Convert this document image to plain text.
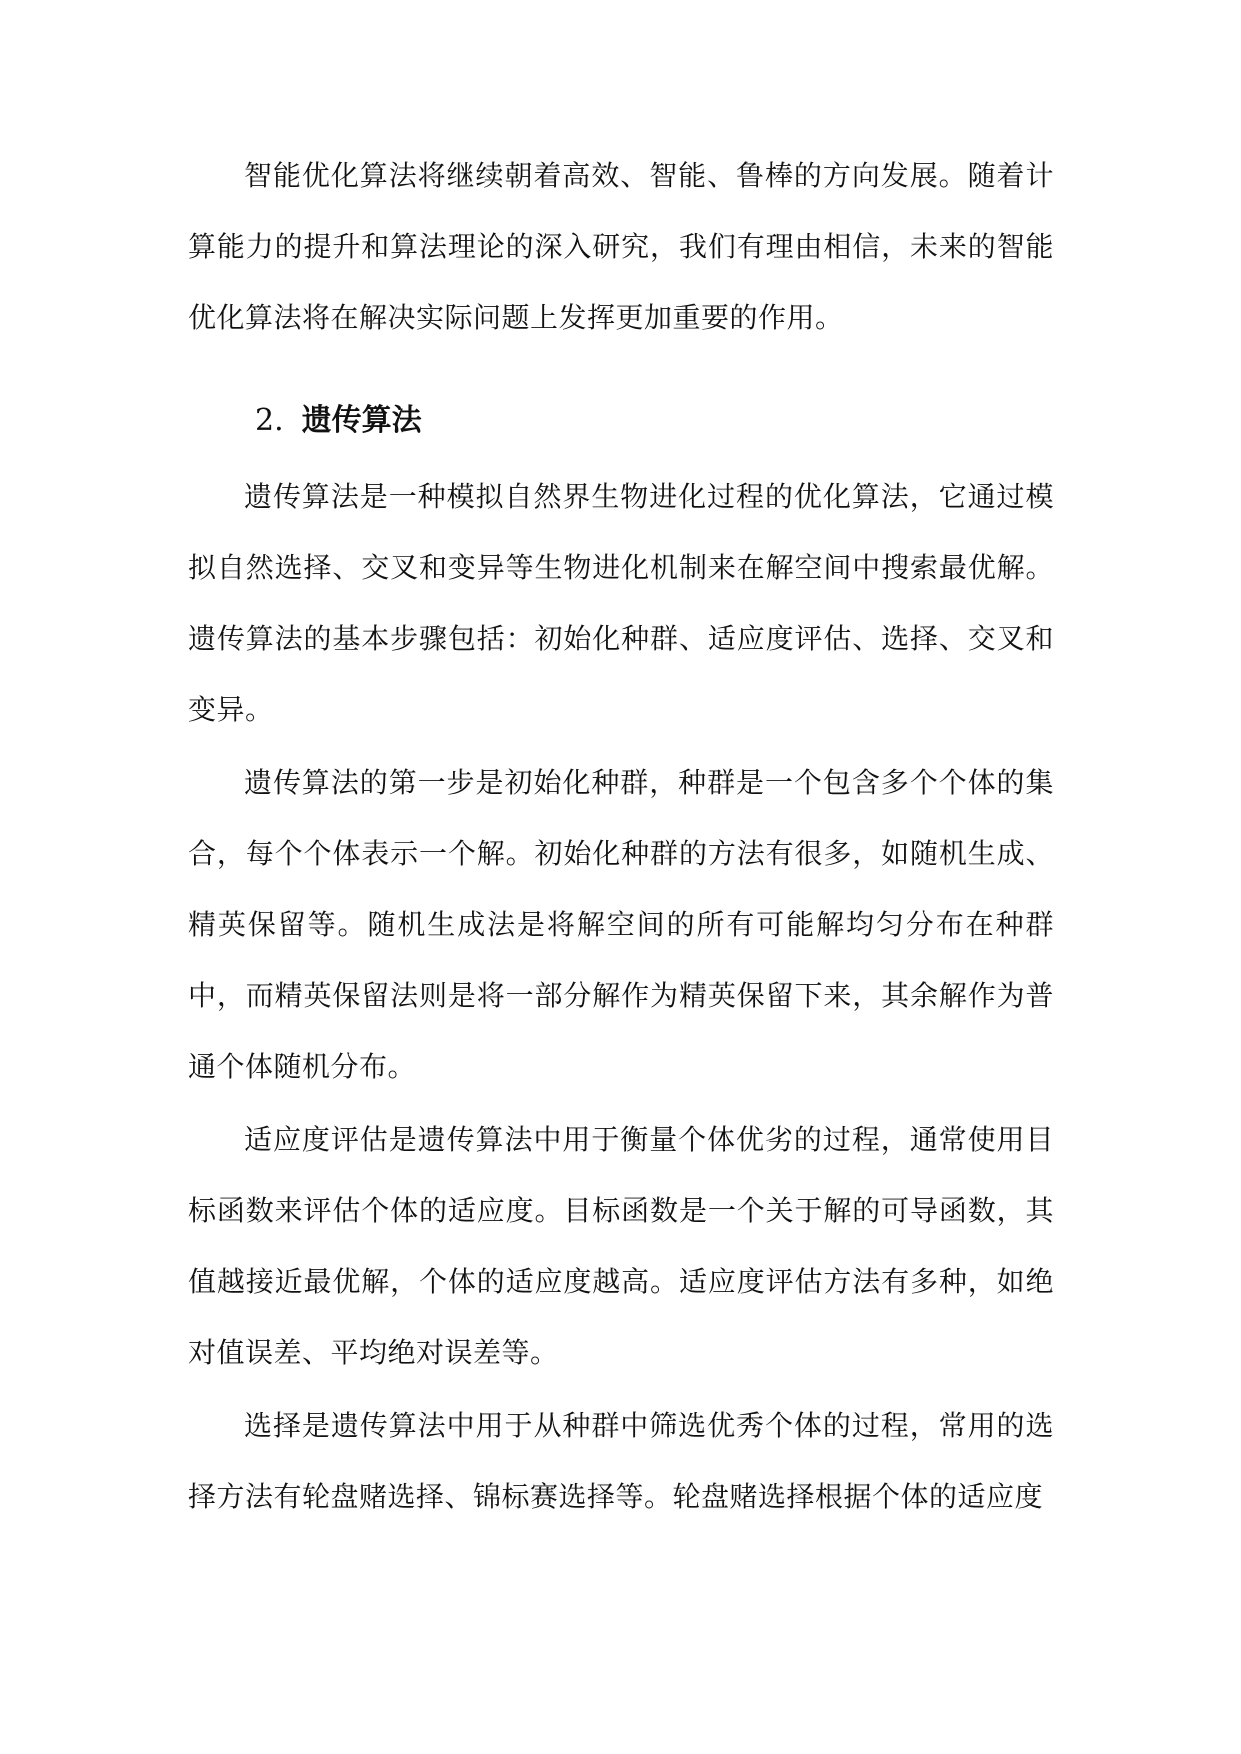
智能优化算法将继续朝着高效、智能、鲁棒的方向发展。随着计算能力的提升和算法理论的深入研究，我们有理由相信，未来的智能优化算法将在解决实际问题上发挥更加重要的作用。

2. 遗传算法

遗传算法是一种模拟自然界生物进化过程的优化算法，它通过模拟自然选择、交叉和变异等生物进化机制来在解空间中搜索最优解。遗传算法的基本步骤包括：初始化种群、适应度评估、选择、交叉和变异。

遗传算法的第一步是初始化种群，种群是一个包含多个个体的集合，每个个体表示一个解。初始化种群的方法有很多，如随机生成、精英保留等。随机生成法是将解空间的所有可能解均匀分布在种群中，而精英保留法则是将一部分解作为精英保留下来，其余解作为普通个体随机分布。

适应度评估是遗传算法中用于衡量个体优劣的过程，通常使用目标函数来评估个体的适应度。目标函数是一个关于解的可导函数，其值越接近最优解，个体的适应度越高。适应度评估方法有多种，如绝对值误差、平均绝对误差等。

选择是遗传算法中用于从种群中筛选优秀个体的过程，常用的选择方法有轮盘赌选择、锦标赛选择等。轮盘赌选择根据个体的适应度
